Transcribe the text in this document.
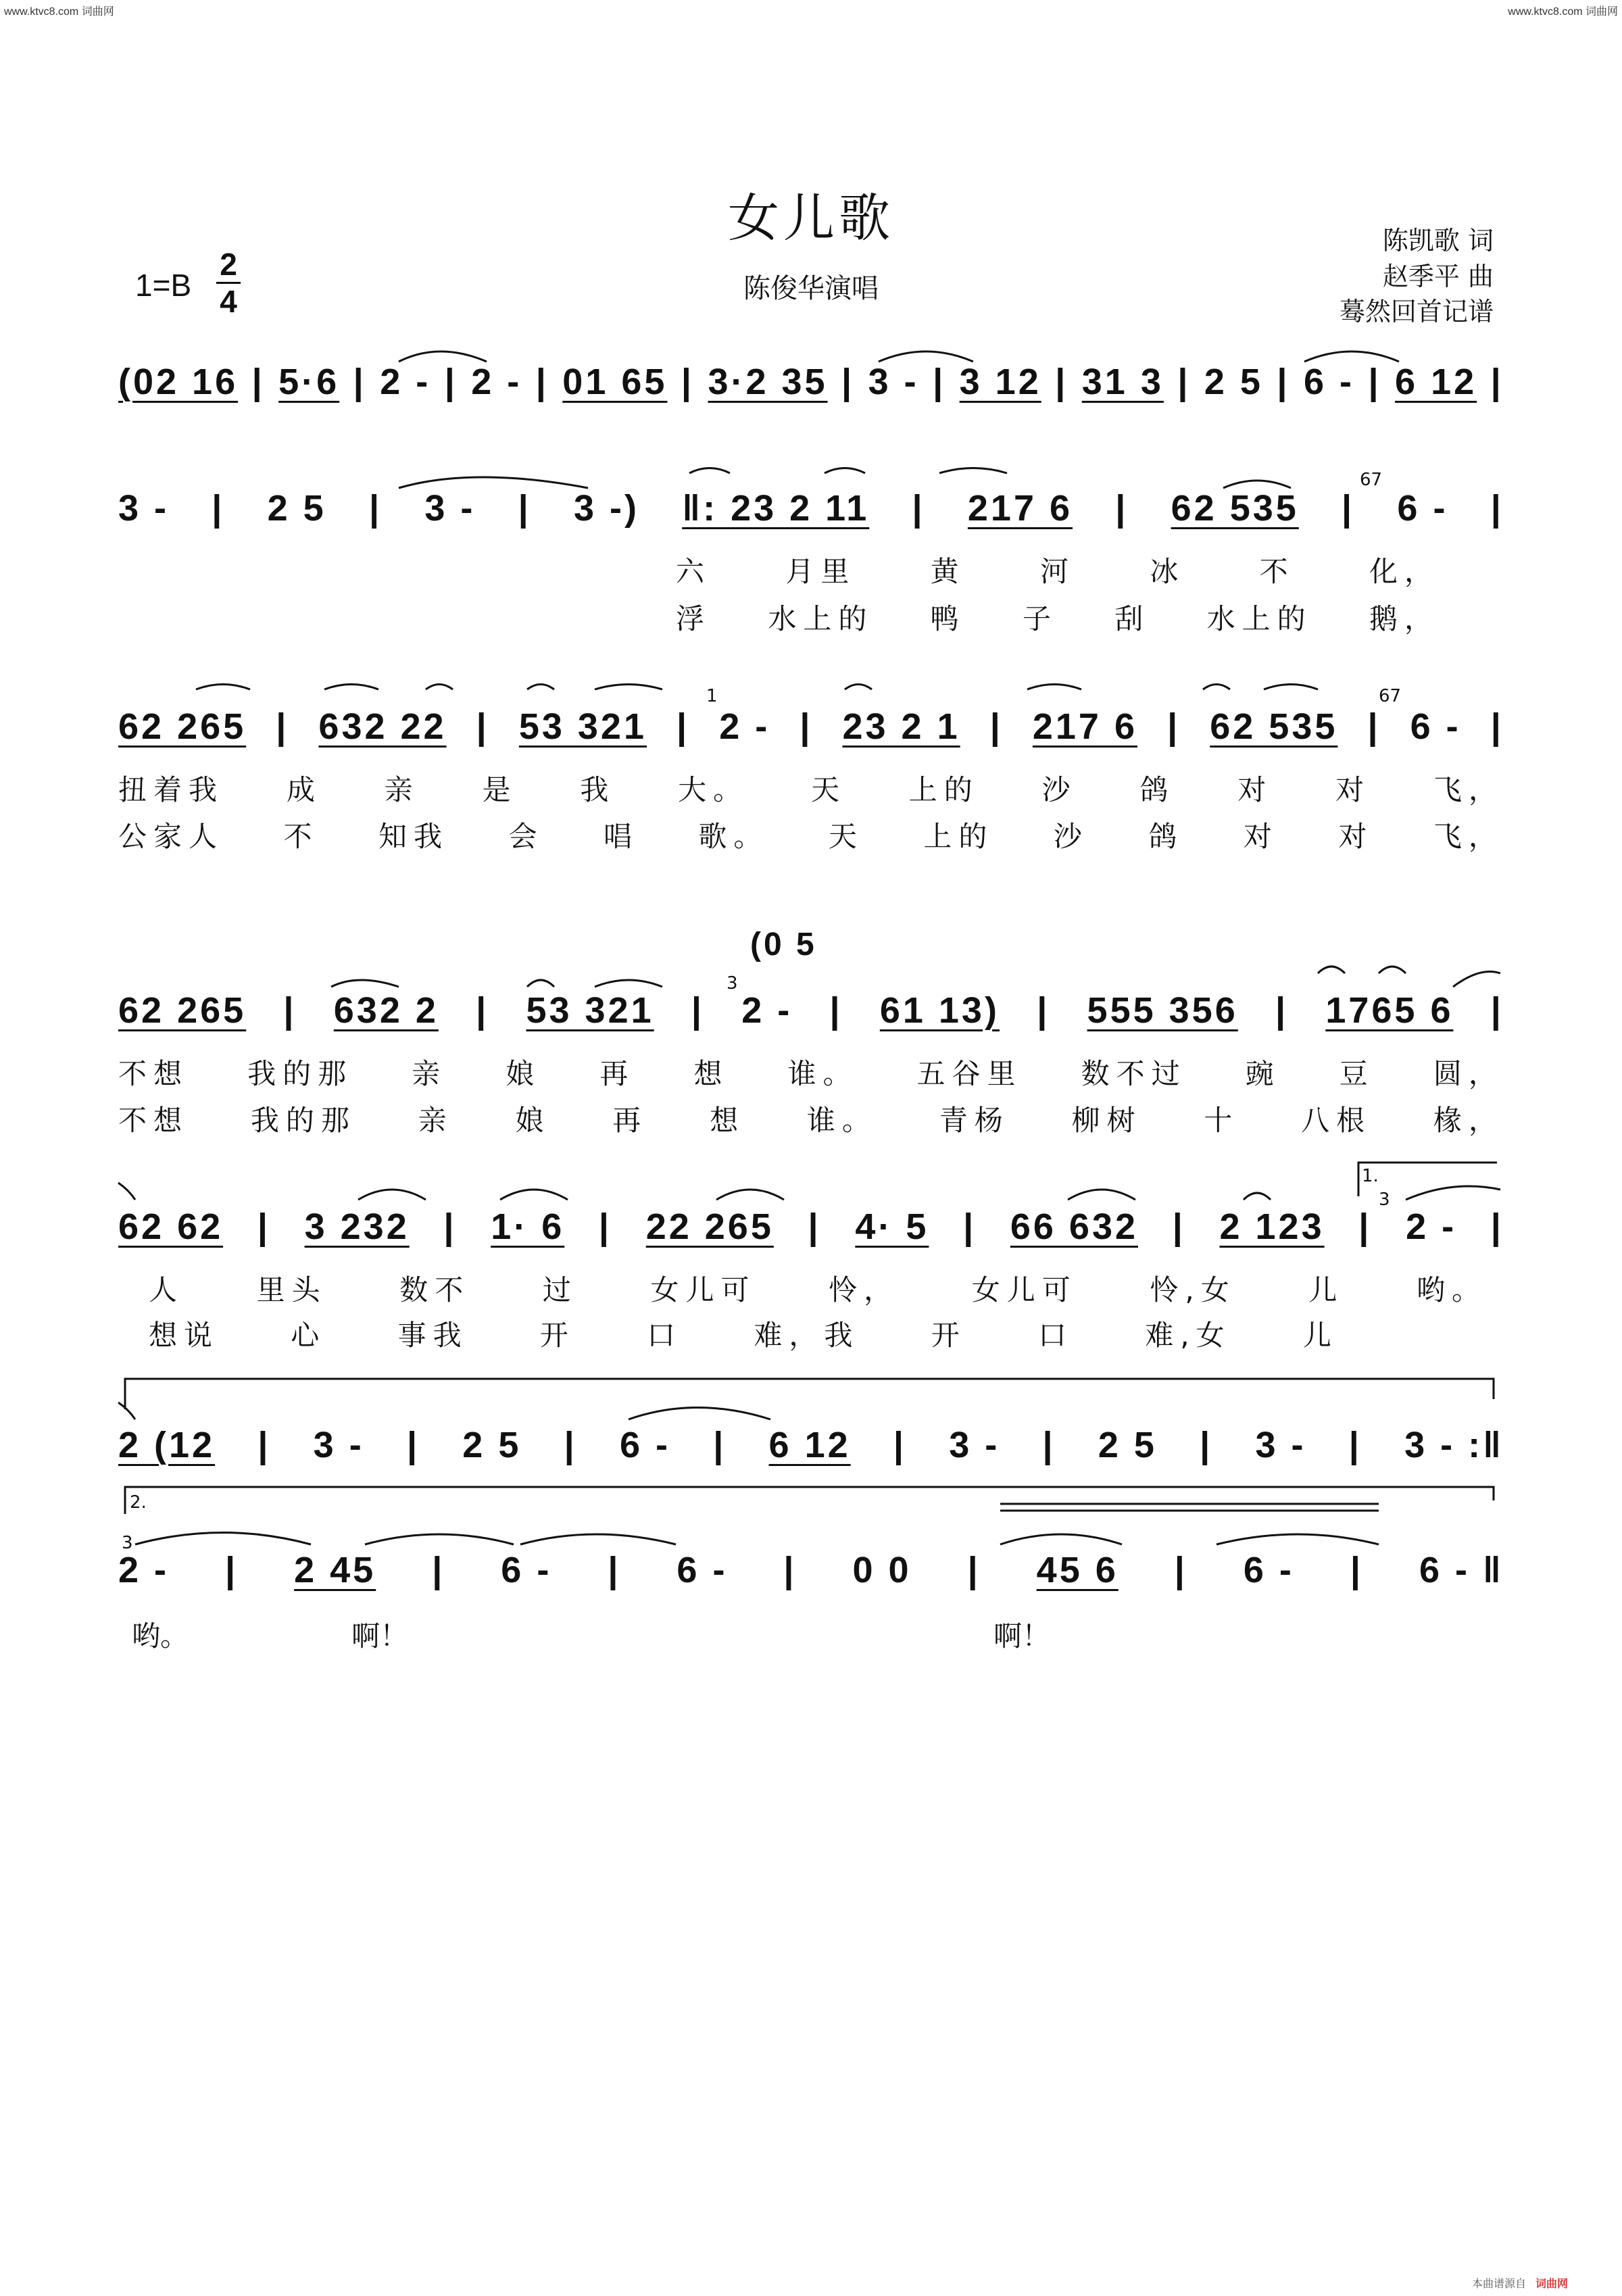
www.ktvc8.com 词曲网	www.ktvc8.com 词曲网
女儿歌
陈俊华演唱
陈凯歌 词
赵季平 曲
蓦然回首记谱
1=B
2
4
(0 5
1.
2.
67
67
1
3
3
3
(02 16 | 5·6 | 2 - | 2 - | 01 65 | 3·2 35 | 3 - | 3 12 | 31 3 | 2 5 | 6 - | 6 12 |
3 - | 2 5 | 3 - | 3 -) ‖: 23 2 11 | 217 6 | 62 535 | 6 - |
六	月里	黄	河	冰	不	化，
浮 水上的 鸭 子 刮 水上的 鹅，
62 265 | 632 22 | 53 321 | 2 - | 23 2 1 | 217 6 | 62 535 | 6 - |
扭着我 成 亲 是 我 大。 天 上的 沙 鸽 对 对 飞，
公家人 不 知我 会 唱 歌。 天 上的 沙 鸽 对 对 飞，
62 265 | 632 2 | 53 321 | 2 - | 61 13) | 555 356 | 1765 6 |
不想 我的那 亲 娘 再 想 谁。 五谷里 数不过 豌 豆 圆，
不想 我的那 亲 娘 再 想 谁。 青杨 柳树 十 八根 椽，
62 62 | 3 232 | 1· 6 | 22 265 | 4· 5 | 66 632 | 2 123 | 2 - |
人	里头	数不	过	女儿可	怜，	女儿可	怜,女	儿	哟。
想说	心	事我	开	口	难，我	开	口	难,女	儿
2 (12 | 3 - | 2 5 | 6 - | 6 12 | 3 - | 2 5 | 3 - | 3 - :‖
2 - | 2 45 | 6 - | 6 - | 0 0 | 45 6 | 6 - | 6 - ‖
哟。	啊！	啊！
本曲谱源自 词曲网
